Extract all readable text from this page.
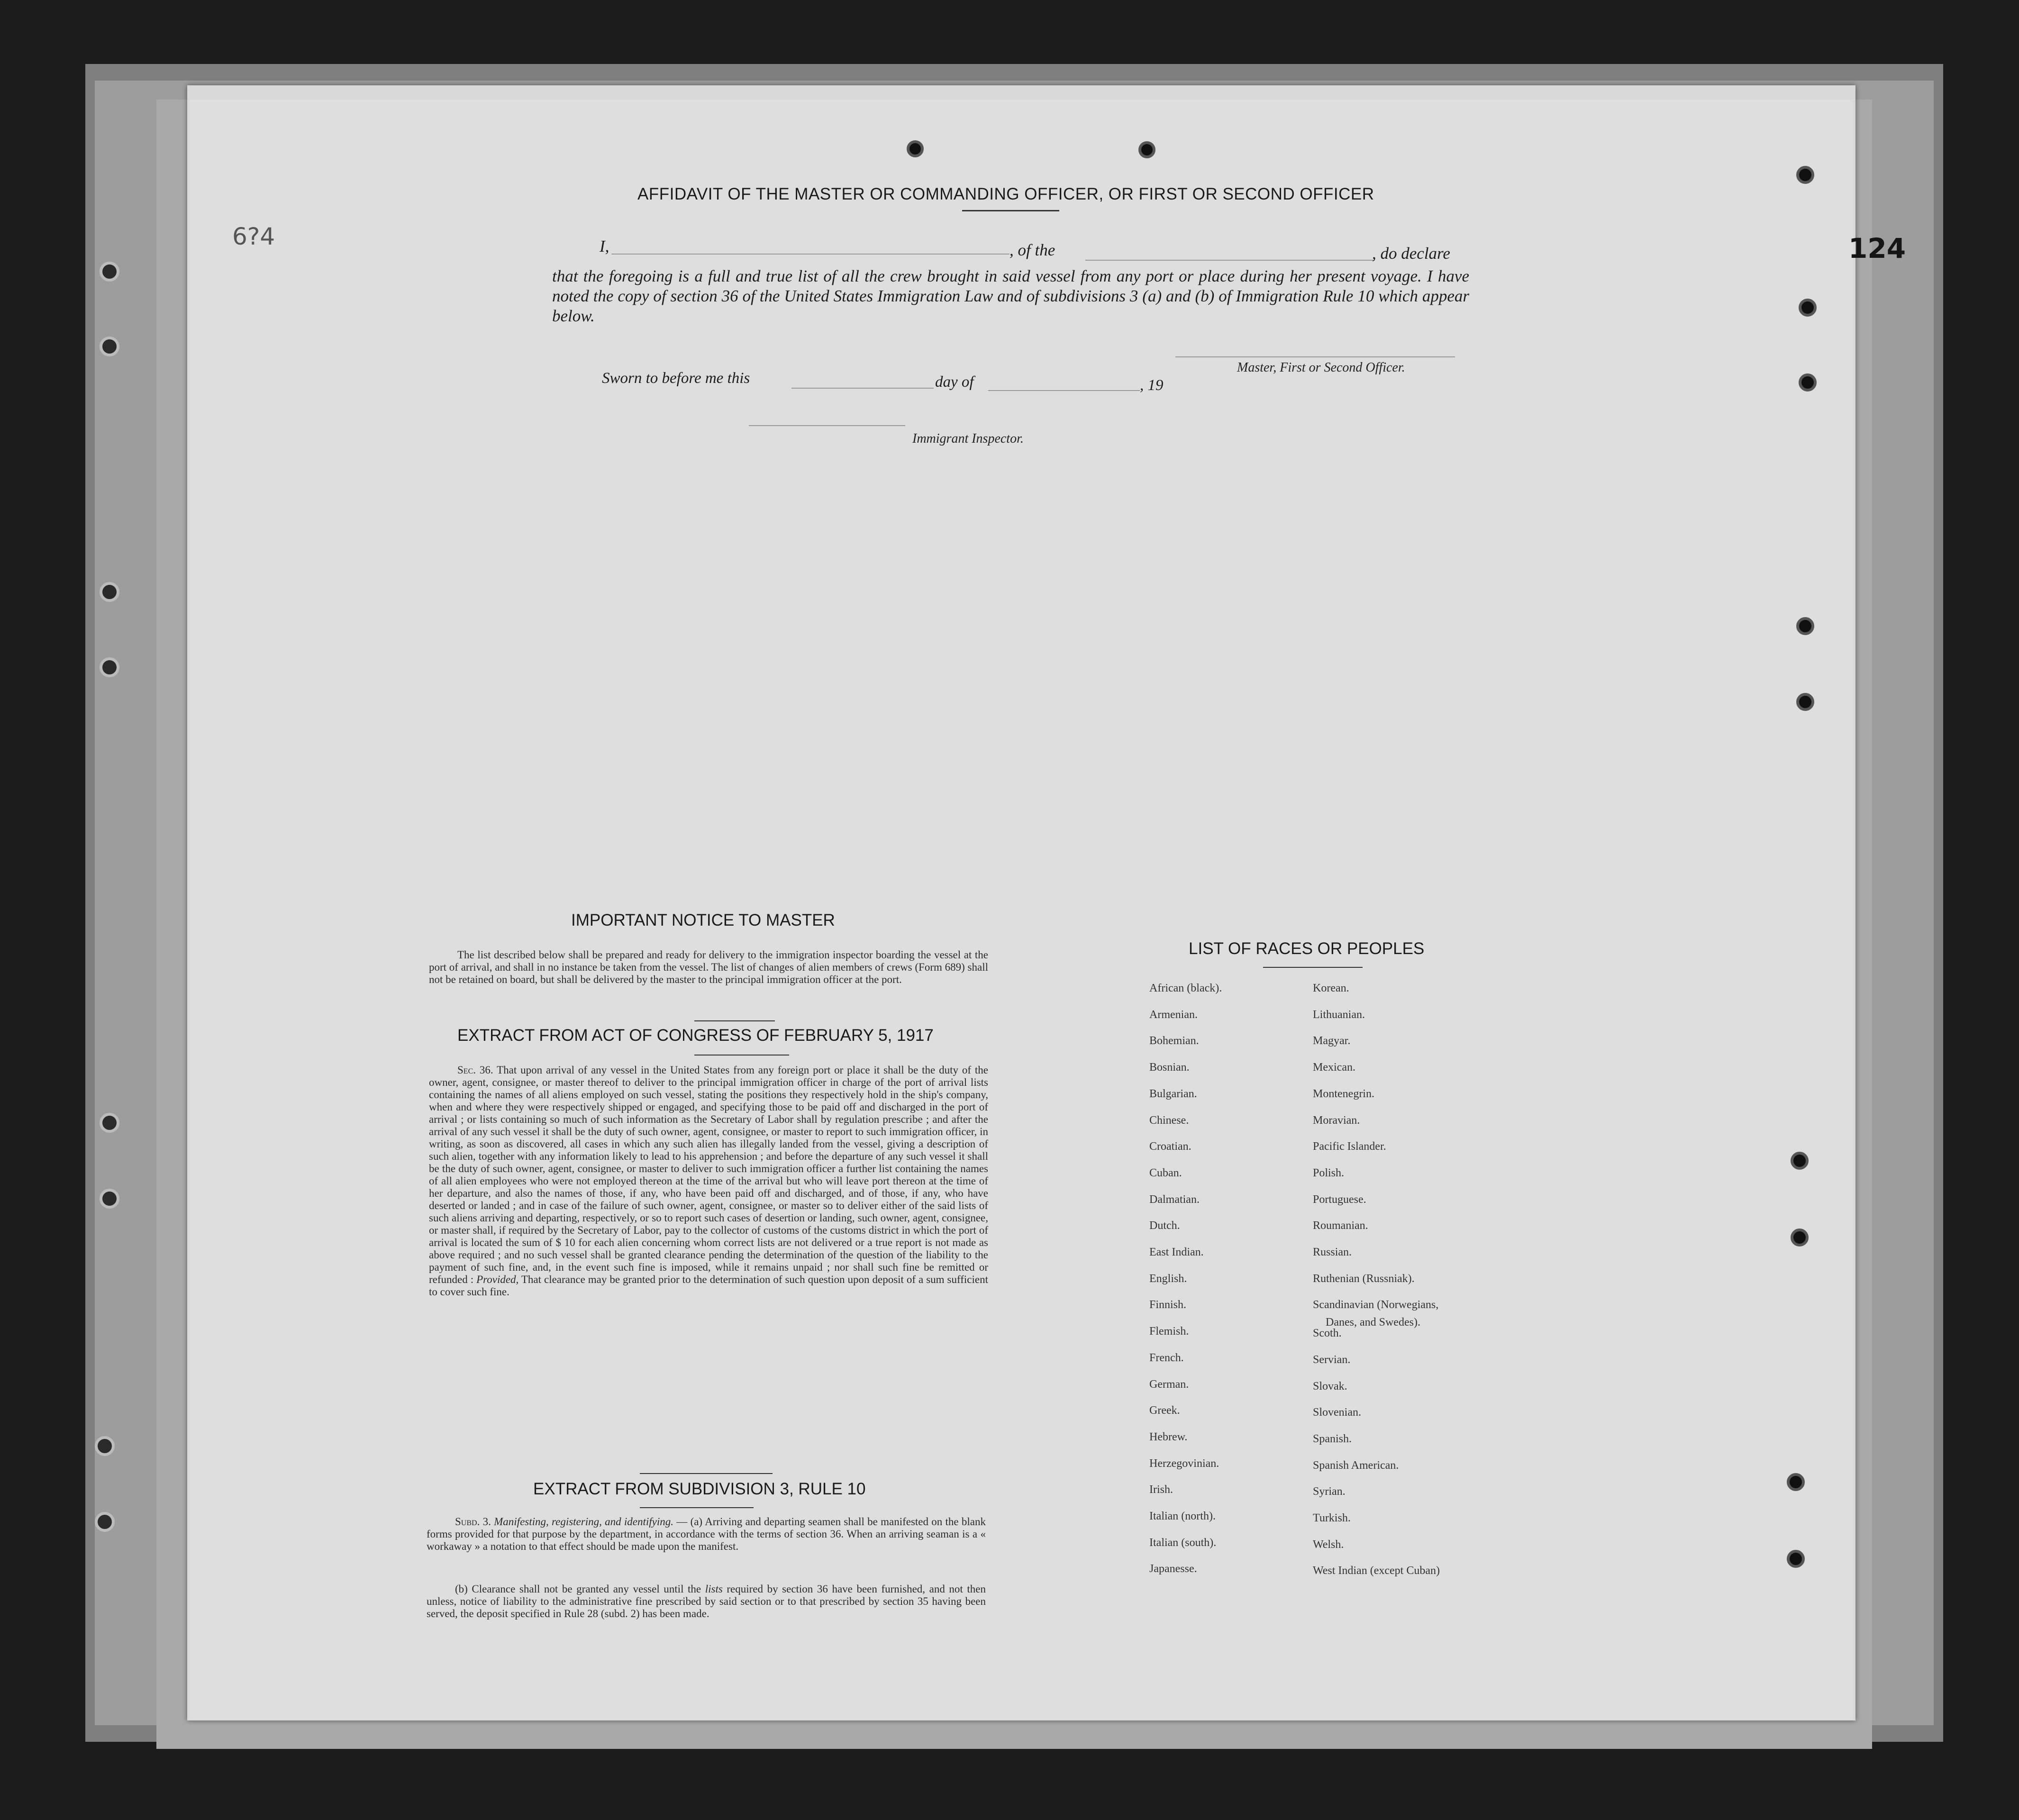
124
6?4
AFFIDAVIT OF THE MASTER OR COMMANDING OFFICER, OR FIRST OR SECOND OFFICER
I,	, of the	, do declare
that the foregoing is a full and true list of all the crew brought in said vessel from any port or place during her present voyage. I have noted the copy of section 36 of the United States Immigration Law and of subdivisions 3 (a) and (b) of Immigration Rule 10 which appear below.
Master, First or Second Officer.
Sworn to before me this	day of	, 19
Immigrant Inspector.
IMPORTANT NOTICE TO MASTER
The list described below shall be prepared and ready for delivery to the immigration inspector boarding the vessel at the port of arrival, and shall in no instance be taken from the vessel. The list of changes of alien members of crews (Form 689) shall not be retained on board, but shall be delivered by the master to the principal immigration officer at the port.
EXTRACT FROM ACT OF CONGRESS OF FEBRUARY 5, 1917
Sec. 36. That upon arrival of any vessel in the United States from any foreign port or place it shall be the duty of the owner, agent, consignee, or master thereof to deliver to the principal immigration officer in charge of the port of arrival lists containing the names of all aliens employed on such vessel, stating the positions they respectively hold in the ship's company, when and where they were respectively shipped or engaged, and specifying those to be paid off and discharged in the port of arrival ; or lists containing so much of such information as the Secretary of Labor shall by regulation prescribe ; and after the arrival of any such vessel it shall be the duty of such owner, agent, consignee, or master to report to such immigration officer, in writing, as soon as discovered, all cases in which any such alien has illegally landed from the vessel, giving a description of such alien, together with any information likely to lead to his apprehension ; and before the departure of any such vessel it shall be the duty of such owner, agent, consignee, or master to deliver to such immigration officer a further list containing the names of all alien employees who were not employed thereon at the time of the arrival but who will leave port thereon at the time of her departure, and also the names of those, if any, who have been paid off and discharged, and of those, if any, who have deserted or landed ; and in case of the failure of such owner, agent, consignee, or master so to deliver either of the said lists of such aliens arriving and departing, respectively, or so to report such cases of desertion or landing, such owner, agent, consignee, or master shall, if required by the Secretary of Labor, pay to the collector of customs of the customs district in which the port of arrival is located the sum of $ 10 for each alien concerning whom correct lists are not delivered or a true report is not made as above required ; and no such vessel shall be granted clearance pending the determination of the question of the liability to the payment of such fine, and, in the event such fine is imposed, while it remains unpaid ; nor shall such fine be remitted or refunded : Provided, That clearance may be granted prior to the determination of such question upon deposit of a sum sufficient to cover such fine.
EXTRACT FROM SUBDIVISION 3, RULE 10
Subd. 3. Manifesting, registering, and identifying. — (a) Arriving and departing seamen shall be manifested on the blank forms provided for that purpose by the department, in accordance with the terms of section 36. When an arriving seaman is a « workaway » a notation to that effect should be made upon the manifest.
(b) Clearance shall not be granted any vessel until the lists required by section 36 have been furnished, and not then unless, notice of liability to the administrative fine prescribed by said section or to that prescribed by section 35 having been served, the deposit specified in Rule 28 (subd. 2) has been made.
LIST OF RACES OR PEOPLES
African (black).
Armenian.
Bohemian.
Bosnian.
Bulgarian.
Chinese.
Croatian.
Cuban.
Dalmatian.
Dutch.
East Indian.
English.
Finnish.
Flemish.
French.
German.
Greek.
Hebrew.
Herzegovinian.
Irish.
Italian (north).
Italian (south).
Japanesse.
Korean.
Lithuanian.
Magyar.
Mexican.
Montenegrin.
Moravian.
Pacific Islander.
Polish.
Portuguese.
Roumanian.
Russian.
Ruthenian (Russniak).
Scandinavian (Norwegians,
Scoth.
Servian.
Slovak.
Slovenian.
Spanish.
Spanish American.
Syrian.
Turkish.
Welsh.
West Indian (except Cuban)
Danes, and Swedes).
